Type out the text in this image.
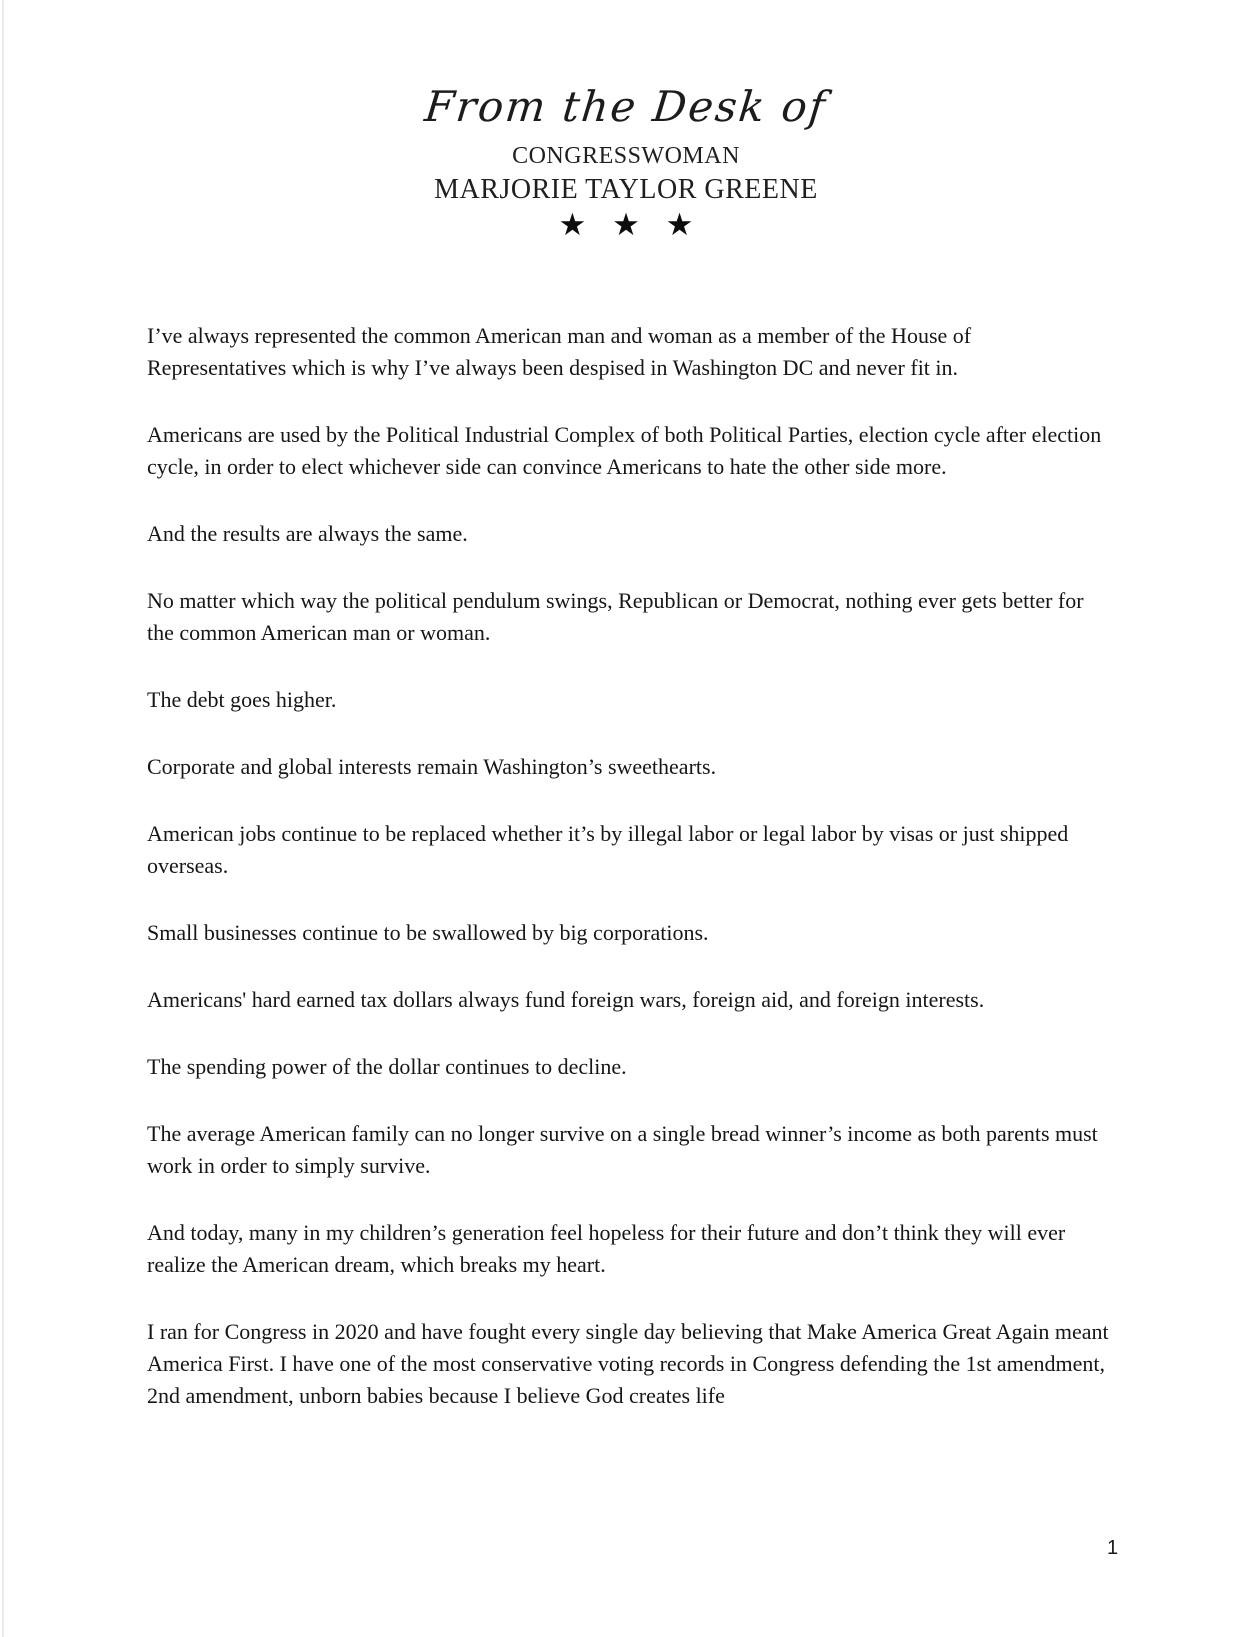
From the Desk of
CONGRESSWOMAN
MARJORIE TAYLOR GREENE
★ ★ ★

I’ve always represented the common American man and woman as a member of the House of Representatives which is why I’ve always been despised in Washington DC and never fit in.

Americans are used by the Political Industrial Complex of both Political Parties, election cycle after election cycle, in order to elect whichever side can convince Americans to hate the other side more.

And the results are always the same.

No matter which way the political pendulum swings, Republican or Democrat, nothing ever gets better for the common American man or woman.

The debt goes higher.

Corporate and global interests remain Washington’s sweethearts.

American jobs continue to be replaced whether it’s by illegal labor or legal labor by visas or just shipped overseas.

Small businesses continue to be swallowed by big corporations.

Americans' hard earned tax dollars always fund foreign wars, foreign aid, and foreign interests.

The spending power of the dollar continues to decline.

The average American family can no longer survive on a single bread winner’s income as both parents must work in order to simply survive.

And today, many in my children’s generation feel hopeless for their future and don’t think they will ever realize the American dream, which breaks my heart.

I ran for Congress in 2020 and have fought every single day believing that Make America Great Again meant America First. I have one of the most conservative voting records in Congress defending the 1st amendment, 2nd amendment, unborn babies because I believe God creates life

1
